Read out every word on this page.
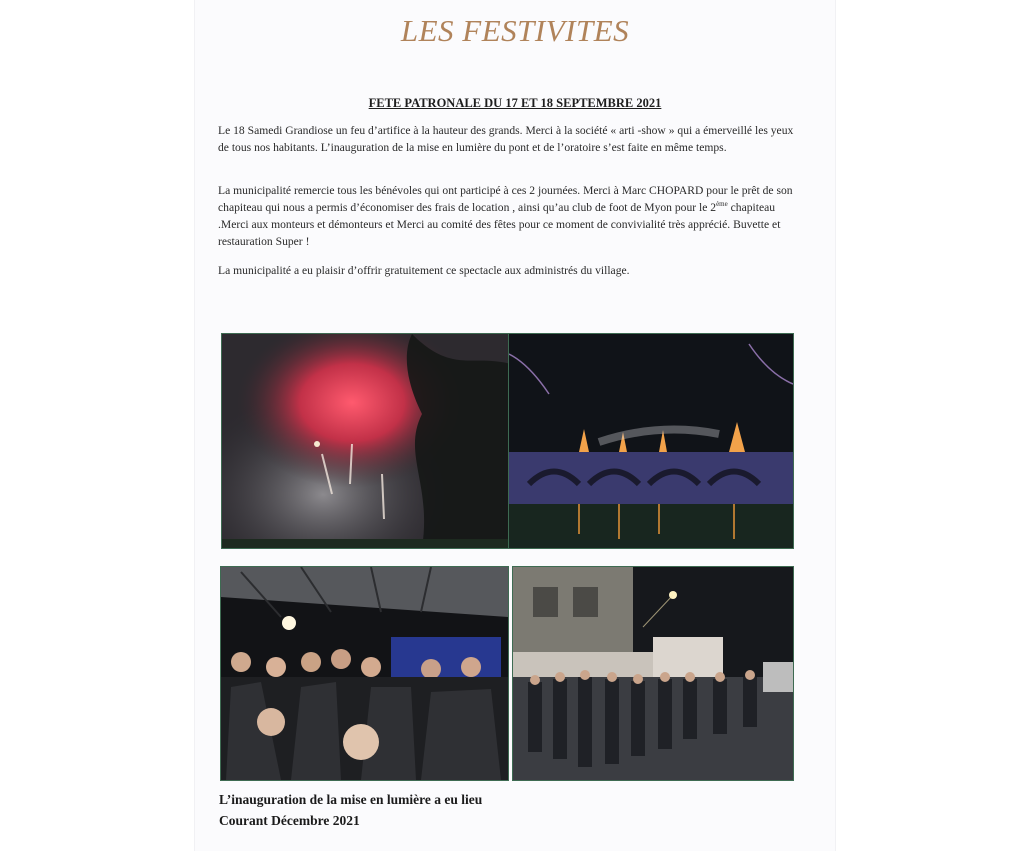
LES FESTIVITES
FETE PATRONALE DU 17 ET 18 SEPTEMBRE 2021
Le 18 Samedi Grandiose un feu d’artifice à la hauteur des grands. Merci à la société « arti -show » qui a émerveillé les yeux de tous nos habitants. L’inauguration de la mise en lumière du pont et de l’oratoire s’est faite en même temps.
La municipalité remercie tous les bénévoles qui ont participé à ces 2 journées. Merci à Marc CHOPARD pour le prêt de son chapiteau qui nous a permis d’économiser des frais de location , ainsi qu’au club de foot de Myon pour le 2ème chapiteau .Merci aux monteurs et démonteurs et Merci au comité des fêtes pour ce moment de convivialité très apprécié. Buvette et restauration Super !
La municipalité a eu plaisir d’offrir gratuitement ce spectacle aux administrés du village.
L’inauguration de la mise en lumière a eu lieu
Courant Décembre 2021
